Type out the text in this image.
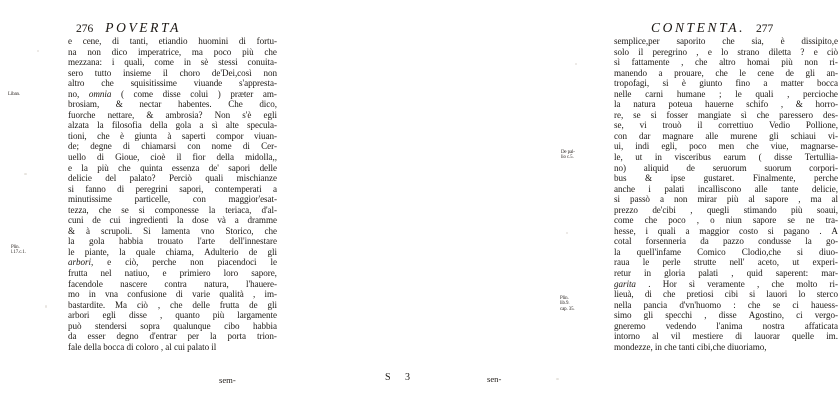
276 POVERTA
e cene, di tanti, etiandio huomini di fortu-
na non dico imperatrice, ma poco più che
mezzana: i quali, come in sè stessi conuita-
sero tutto insieme il choro de'Dei,così non
altro che squisitissime viuande s'appresta-
no, omnia ( come disse colui ) præter am-
brosiam, & nectar habentes. Che dico,
fuorche nettare, & ambrosia? Non s'è egli
alzata la filosofia della gola a sì alte specula-
tioni, che è giunta à saperti compor viuan-
de; degne di chiamarsi con nome di Cer-
uello di Gioue, cioè il fior della midolla,,
e la più che quinta essenza de' sapori delle
delicie del palato? Perciò quali mischianze
si fanno di peregrini sapori, contemperati a
minutissime particelle, con maggior'esat-
tezza, che se si componesse la teriaca, d'al-
cuni de cui ingredienti la dose và a dramme
& à scrupoli. Si lamenta vno Storico, che
la gola habbia trouato l'arte dell'innestare
le piante, la quale chiama, Adulterio de gli
arbori, e ciò, perche non piacendoci le
frutta nel natiuo, e primiero loro sapore,
facendole nascere contra natura, l'hauere-
mo in vna confusione di varie qualità , im-
bastardite. Ma ciò , che delle frutta de gli
arbori egli disse , quanto più largamente
può stendersi sopra qualunque cibo habbia
da esser degno d'entrar per la porta trion-
fale della bocca di coloro , al cui palato il
Liban.
Plin.
l.17.c.1.
sem-
CONTENTA. 277
semplice,per saporito che sia, è dissipito,e
solo il peregrino , e lo strano diletta ? e ciò
sì fattamente , che altro homai più non ri-
manendo a prouare, che le cene de gli an-
tropofagi, si è giunto fino a matter bocca
nelle carni humane ; le quali , percioche
la natura poteua hauerne schifo , & horro-
re, se si fosser mangiate sì che paressero des-
se, vi trouò il correttiuo Vedio Pollione,
con dar magnare alle murene gli schiaui vi-
ui, indi egli, poco men che viue, magnarse-
le, ut in visceribus earum ( disse Tertullia-
no) aliquid de seruorum suorum corpori-
bus & ipse gustaret. Finalmente, perche
anche i palati incallìscono alle tante delicie,
si passò a non mirar più al sapore , ma al
prezzo de'cibi , quegli stimando più soaui,
come che poco , o niun sapore se ne tra-
hesse, i quali a maggior costo si pagano . A
cotal forsenneria da pazzo condusse la go-
la quell'infame Comico Clodio,che si diuo-
raua le perle strutte nell' aceto, ut experi-
retur in gloria palati , quid saperent: mar-
garita . Hor sì veramente , che molto ri-
lieuà, di che pretiosi cibi si lauori lo sterco
nella pancia d'vn'huomo : che se ci hauess-
simo gli specchi , disse Agostino, ci vergo-
gneremo vedendo l'anima nostra affaticata
intorno al vil mestiere di lauorar quelle im.
mondezze, in che tanti cibi,che diuoriamo,
De pal-
lio c.5.
Plin.
lib.9.
cap. 35.
S 3	sen-
